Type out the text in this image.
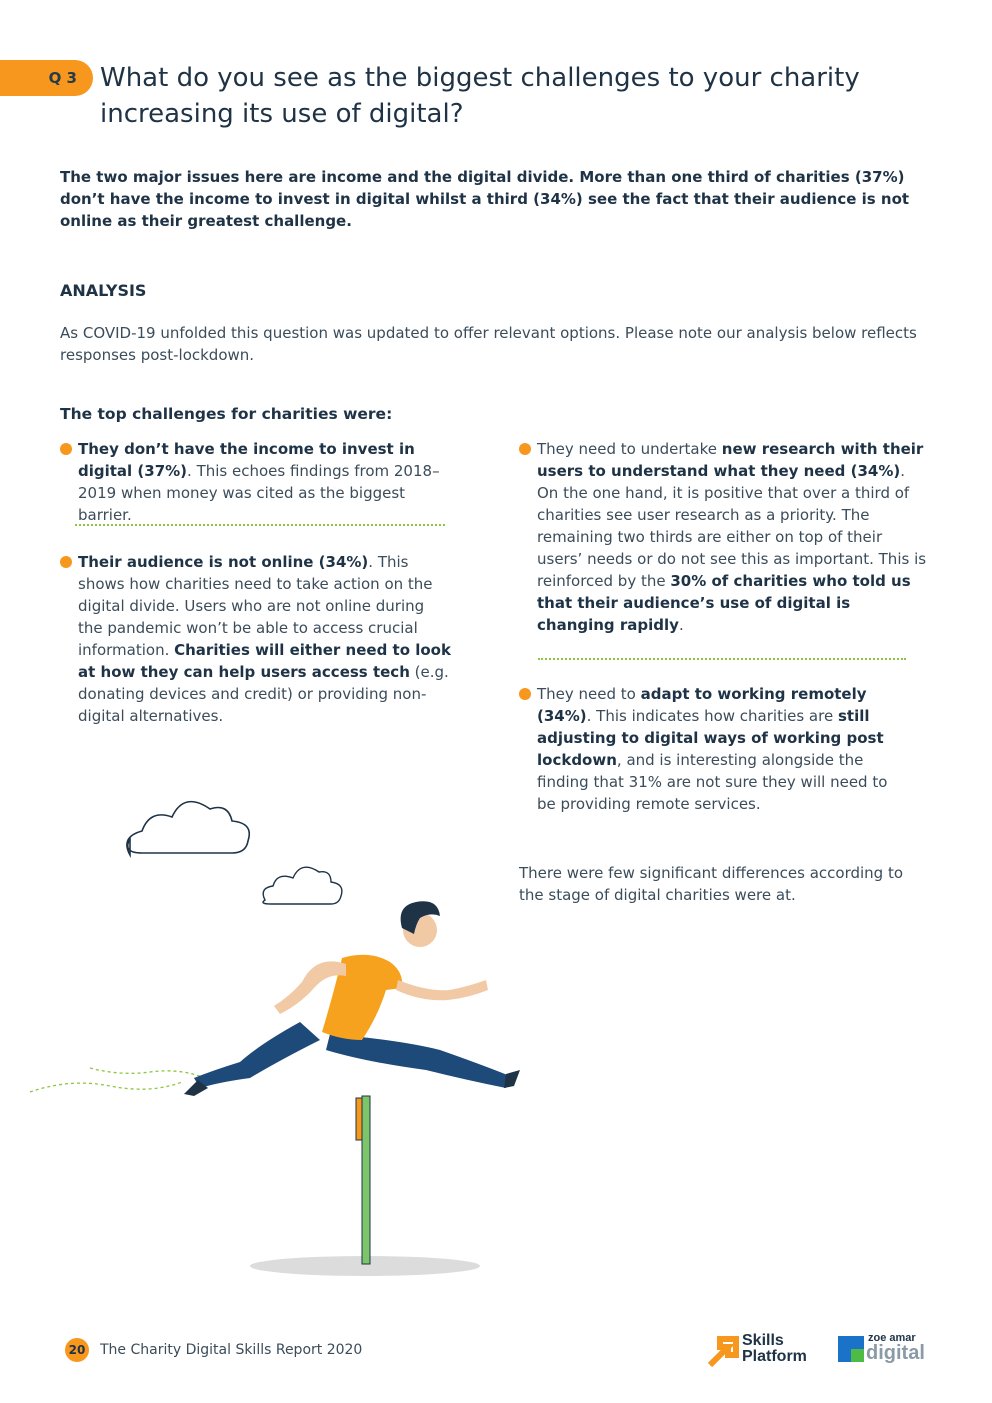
Q 3 What do you see as the biggest challenges to your charity increasing its use of digital?
The two major issues here are income and the digital divide. More than one third of charities (37%) don’t have the income to invest in digital whilst a third (34%) see the fact that their audience is not online as their greatest challenge.
ANALYSIS
As COVID-19 unfolded this question was updated to offer relevant options. Please note our analysis below reflects responses post-lockdown.
The top challenges for charities were:
They don’t have the income to invest in digital (37%). This echoes findings from 2018–2019 when money was cited as the biggest barrier.
Their audience is not online (34%). This shows how charities need to take action on the digital divide. Users who are not online during the pandemic won’t be able to access crucial information. Charities will either need to look at how they can help users access tech (e.g. donating devices and credit) or providing non-digital alternatives.
They need to undertake new research with their users to understand what they need (34%). On the one hand, it is positive that over a third of charities see user research as a priority. The remaining two thirds are either on top of their users’ needs or do not see this as important. This is reinforced by the 30% of charities who told us that their audience’s use of digital is changing rapidly.
They need to adapt to working remotely (34%). This indicates how charities are still adjusting to digital ways of working post lockdown, and is interesting alongside the finding that 31% are not sure they will need to be providing remote services.
There were few significant differences according to the stage of digital charities were at.
20 The Charity Digital Skills Report 2020
Skills
Platform
zoe amar
digital
